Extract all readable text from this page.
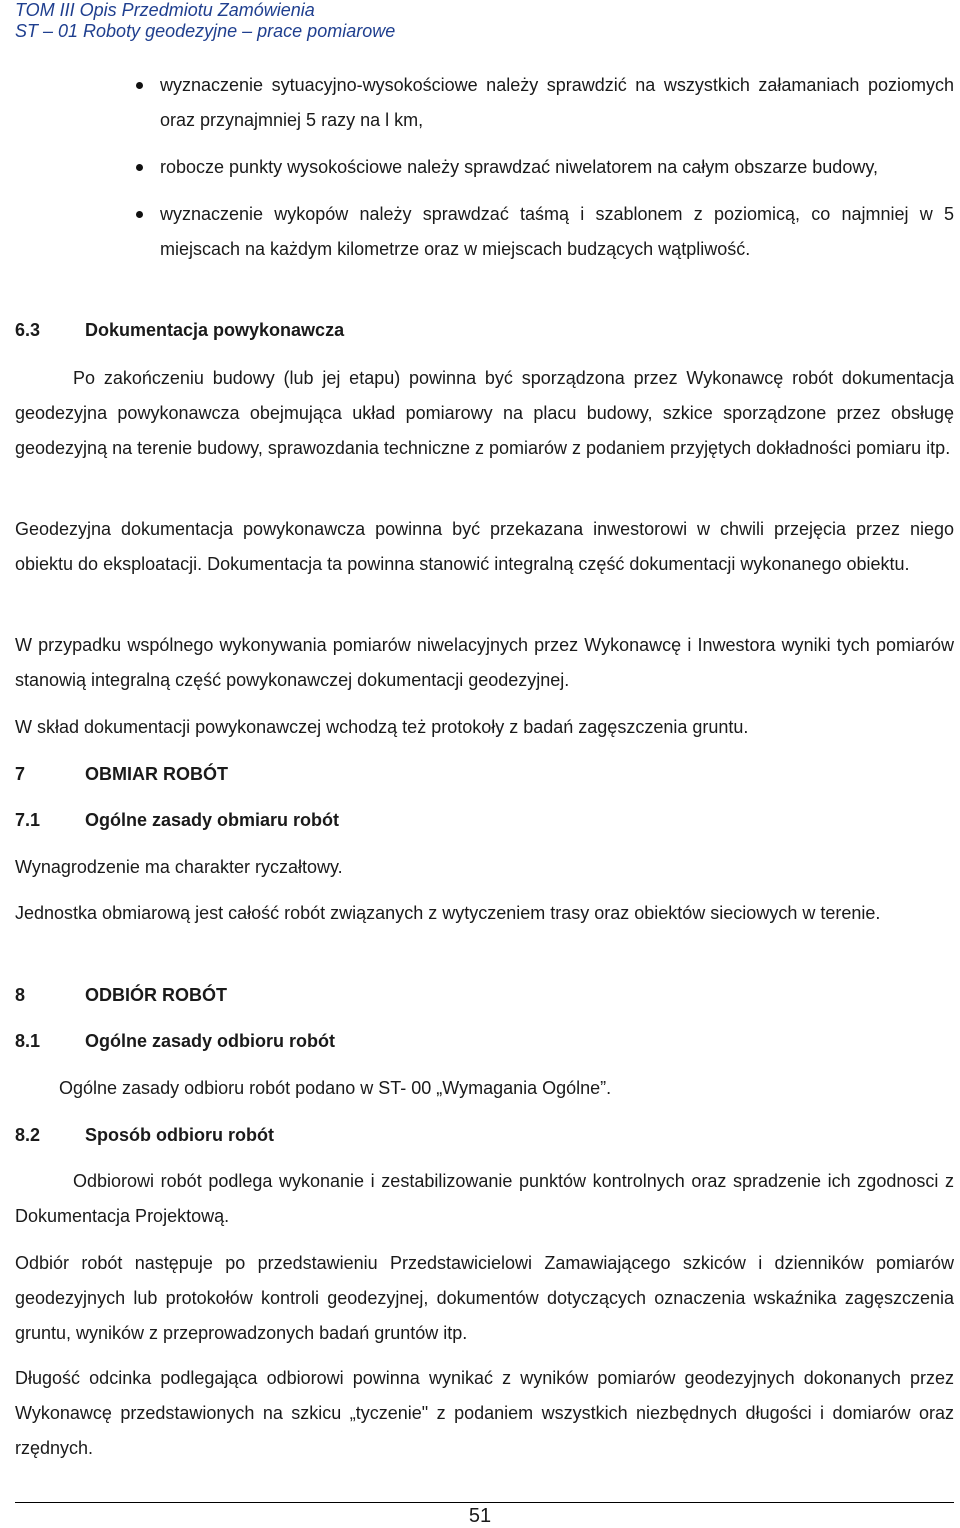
TOM III Opis Przedmiotu Zamówienia
ST – 01 Roboty geodezyjne – prace pomiarowe
wyznaczenie sytuacyjno-wysokościowe należy sprawdzić na wszystkich załamaniach poziomych oraz przynajmniej 5 razy na l km,
robocze punkty wysokościowe należy sprawdzać niwelatorem na całym obszarze budowy,
wyznaczenie wykopów należy sprawdzać taśmą i szablonem z poziomicą, co najmniej w 5 miejscach na każdym kilometrze oraz w miejscach budzących wątpliwość.
6.3 Dokumentacja powykonawcza
Po zakończeniu budowy (lub jej etapu) powinna być sporządzona przez Wykonawcę robót dokumentacja geodezyjna powykonawcza obejmująca układ pomiarowy na placu budowy, szkice sporządzone przez obsługę geodezyjną na terenie budowy, sprawozdania techniczne z pomiarów z podaniem przyjętych dokładności pomiaru itp.
Geodezyjna dokumentacja powykonawcza powinna być przekazana inwestorowi w chwili przejęcia przez niego obiektu do eksploatacji. Dokumentacja ta powinna stanowić integralną część dokumentacji wykonanego obiektu.
W przypadku wspólnego wykonywania pomiarów niwelacyjnych przez Wykonawcę i Inwestora wyniki tych pomiarów stanowią integralną część powykonawczej dokumentacji geodezyjnej.
W skład dokumentacji powykonawczej wchodzą też protokoły z badań zagęszczenia gruntu.
7	OBMIAR ROBÓT
7.1 Ogólne zasady obmiaru robót
Wynagrodzenie ma charakter ryczałtowy.
Jednostka obmiarową jest całość robót związanych z wytyczeniem trasy oraz obiektów sieciowych w terenie.
8	ODBIÓR ROBÓT
8.1 Ogólne zasady odbioru robót
Ogólne zasady odbioru robót podano w ST- 00 „Wymagania Ogólne”.
8.2 Sposób odbioru robót
Odbiorowi robót podlega wykonanie i zestabilizowanie punktów kontrolnych oraz spradzenie ich zgodnosci z Dokumentacja Projektową.
Odbiór robót następuje po przedstawieniu Przedstawicielowi Zamawiającego szkiców i dzienników pomiarów geodezyjnych lub protokołów kontroli geodezyjnej, dokumentów dotyczących oznaczenia wskaźnika zagęszczenia gruntu, wyników z przeprowadzonych badań gruntów itp.
Długość odcinka podlegająca odbiorowi powinna wynikać z wyników pomiarów geodezyjnych dokonanych przez Wykonawcę przedstawionych na szkicu „tyczenie" z podaniem wszystkich niezbędnych długości i domiarów oraz rzędnych.
51
